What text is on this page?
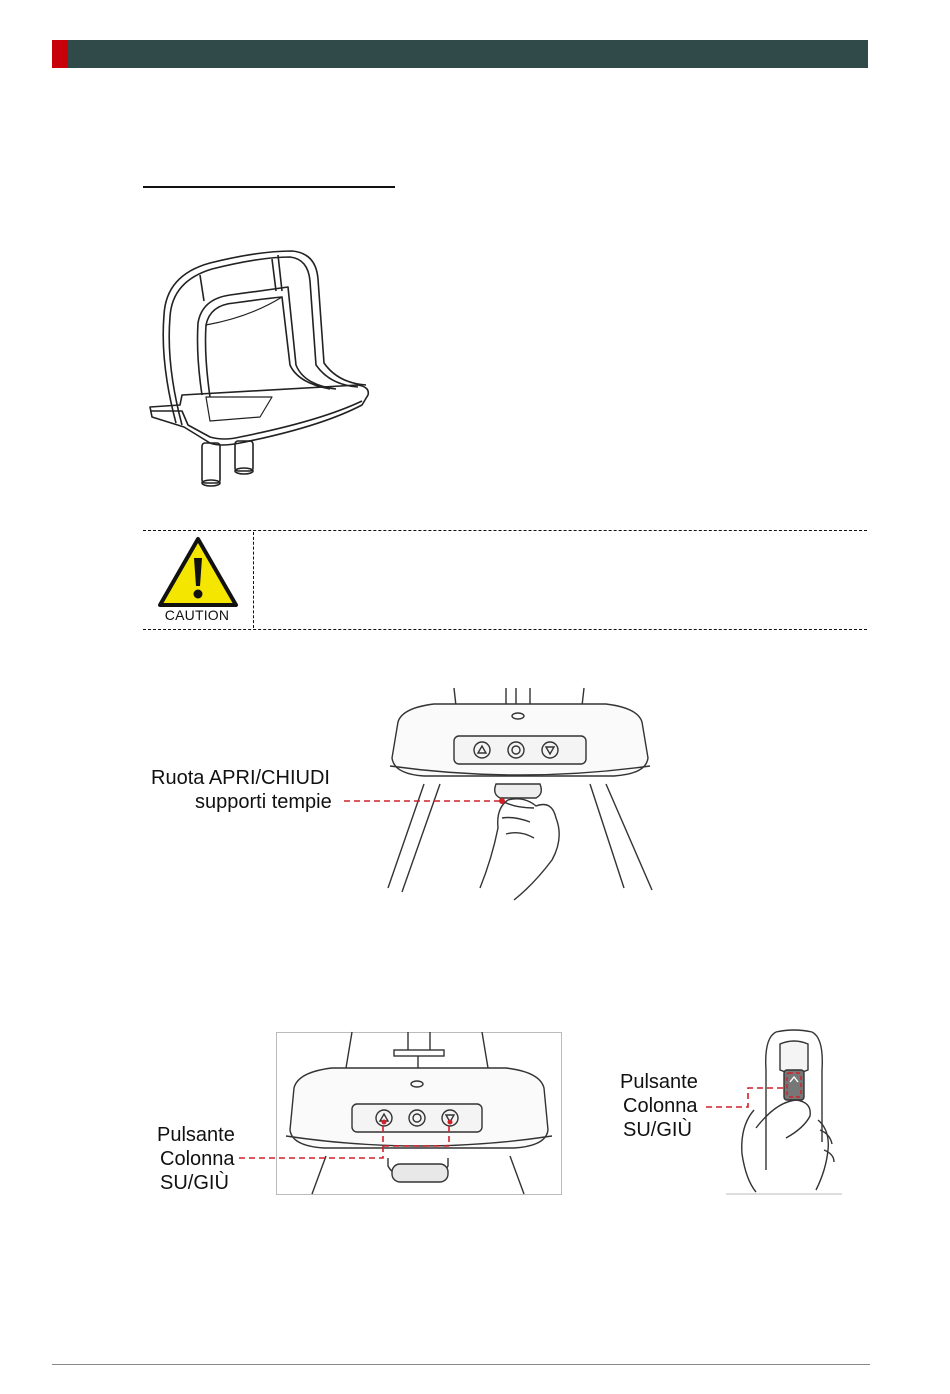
CAUTION
Ruota APRI/CHIUDI
supporti tempie
Pulsante
Colonna
SU/GIÙ
Pulsante
Colonna
SU/GIÙ
